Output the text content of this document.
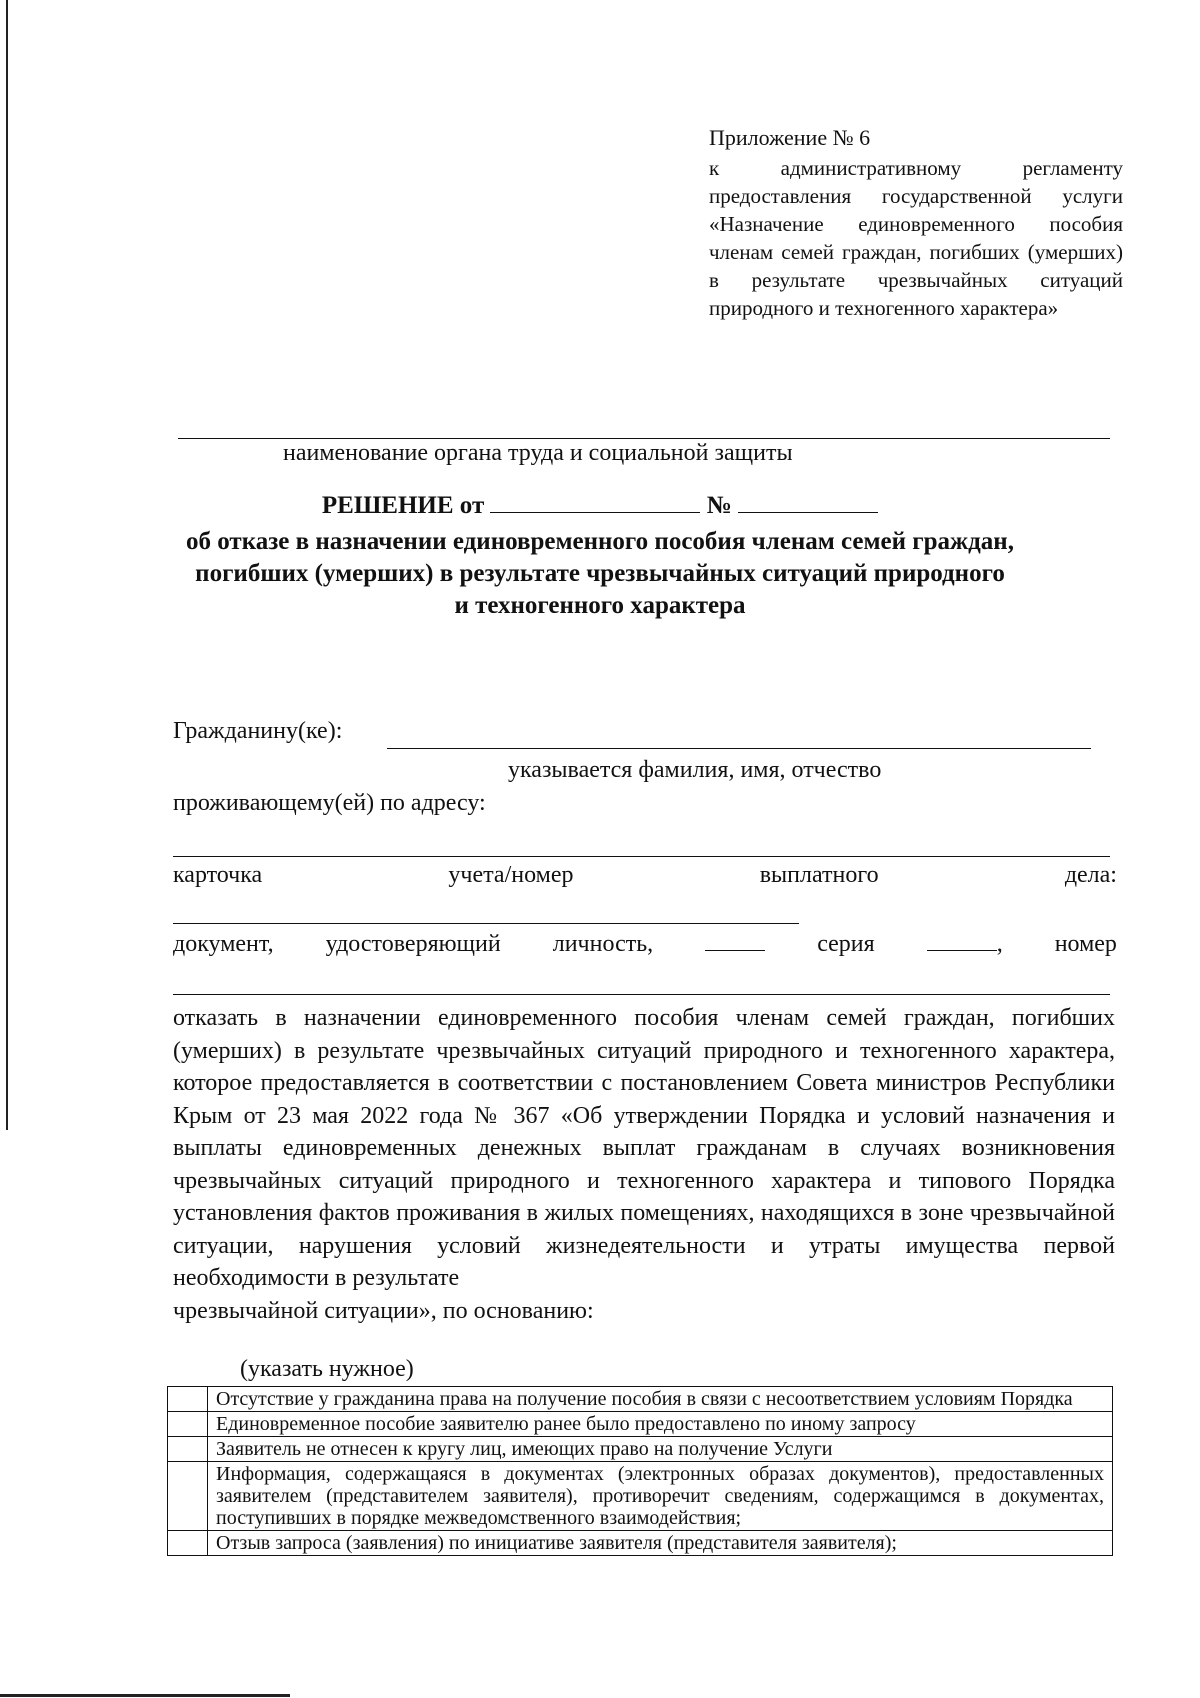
Приложение № 6
к административному регламенту предоставления государственной услуги «Назначение единовременного пособия членам семей граждан, погибших (умерших) в результате чрезвычайных ситуаций природного и техногенного характера»
наименование органа труда и социальной защиты
РЕШЕНИЕ от	№
об отказе в назначении единовременного пособия членам семей граждан,
погибших (умерших) в результате чрезвычайных ситуаций природного
и техногенного характера
Гражданину(ке):
указывается фамилия, имя, отчество
проживающему(ей) по адресу:
карточка	учета/номер	выплатного	дела:
документ, удостоверяющий личность,	серия	, номер
отказать в назначении единовременного пособия членам семей граждан, погибших (умерших) в результате чрезвычайных ситуаций природного и техногенного характера, которое предоставляется в соответствии с постановлением Совета министров Республики Крым от 23 мая 2022 года № 367 «Об утверждении Порядка и условий назначения и выплаты единовременных денежных выплат гражданам в случаях возникновения чрезвычайных ситуаций природного и техногенного характера и типового Порядка установления фактов проживания в жилых помещениях, находящихся в зоне чрезвычайной ситуации, нарушения условий жизнедеятельности и утраты имущества первой необходимости в результате
чрезвычайной ситуации», по основанию:
(указать нужное)
	Отсутствие у гражданина права на получение пособия в связи с несоответствием условиям Порядка
	Единовременное пособие заявителю ранее было предоставлено по иному запросу
	Заявитель не отнесен к кругу лиц, имеющих право на получение Услуги
	Информация, содержащаяся в документах (электронных образах документов), предоставленных заявителем (представителем заявителя), противоречит сведениям, содержащимся в документах, поступивших в порядке межведомственного взаимодействия;
	Отзыв запроса (заявления) по инициативе заявителя (представителя заявителя);
